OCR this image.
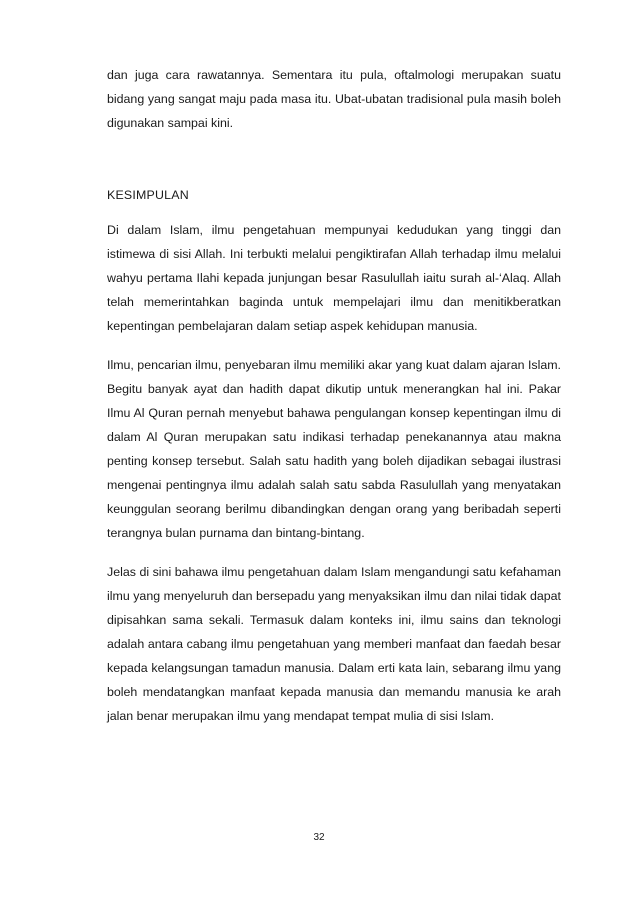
dan juga cara rawatannya. Sementara itu pula, oftalmologi merupakan suatu bidang yang sangat maju pada masa itu. Ubat-ubatan tradisional pula masih boleh digunakan sampai kini.

KESIMPULAN

Di dalam Islam, ilmu pengetahuan mempunyai kedudukan yang tinggi dan istimewa di sisi Allah. Ini terbukti melalui pengiktirafan Allah terhadap ilmu melalui wahyu pertama Ilahi kepada junjungan besar Rasulullah iaitu surah al-‘Alaq. Allah telah memerintahkan baginda untuk mempelajari ilmu dan menitikberatkan kepentingan pembelajaran dalam setiap aspek kehidupan manusia.

Ilmu, pencarian ilmu, penyebaran ilmu memiliki akar yang kuat dalam ajaran Islam. Begitu banyak ayat dan hadith dapat dikutip untuk menerangkan hal ini. Pakar Ilmu Al Quran pernah menyebut bahawa pengulangan konsep kepentingan ilmu di dalam Al Quran merupakan satu indikasi terhadap penekanannya atau makna penting konsep tersebut. Salah satu hadith yang boleh dijadikan sebagai ilustrasi mengenai pentingnya ilmu adalah salah satu sabda Rasulullah yang menyatakan keunggulan seorang berilmu dibandingkan dengan orang yang beribadah seperti terangnya bulan purnama dan bintang-bintang.

Jelas di sini bahawa ilmu pengetahuan dalam Islam mengandungi satu kefahaman ilmu yang menyeluruh dan bersepadu yang menyaksikan ilmu dan nilai tidak dapat dipisahkan sama sekali. Termasuk dalam konteks ini, ilmu sains dan teknologi adalah antara cabang ilmu pengetahuan yang memberi manfaat dan faedah besar kepada kelangsungan tamadun manusia. Dalam erti kata lain, sebarang ilmu yang boleh mendatangkan manfaat kepada manusia dan memandu manusia ke arah jalan benar merupakan ilmu yang mendapat tempat mulia di sisi Islam.

32
